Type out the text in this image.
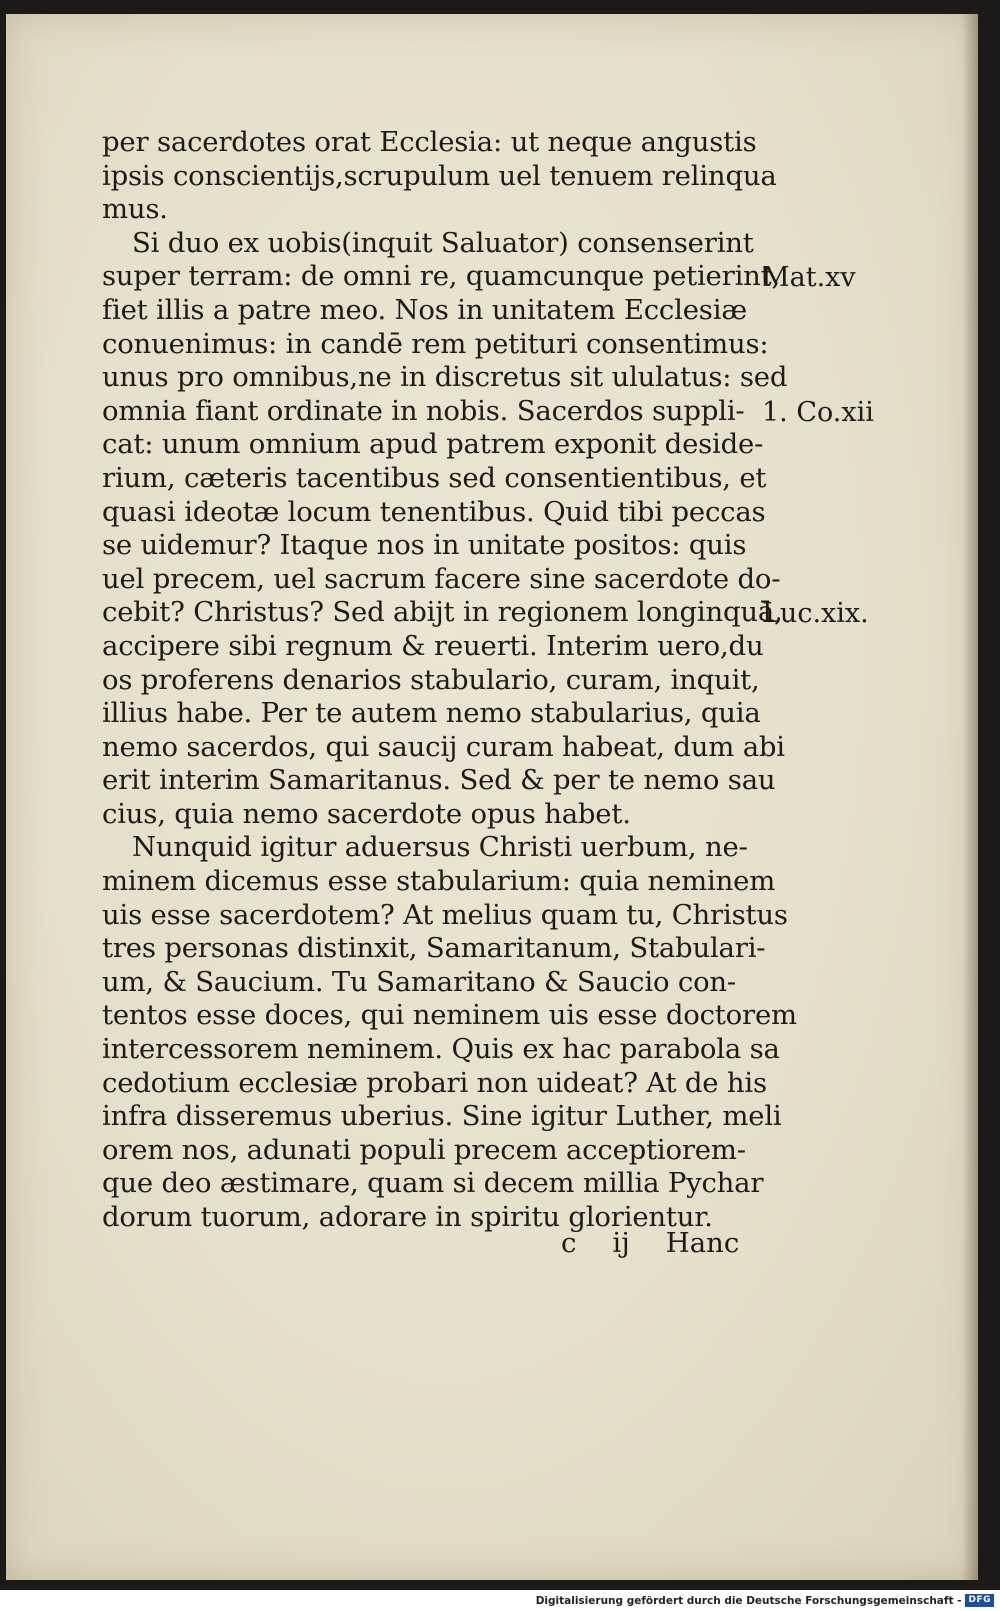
per sacerdotes orat Ecclesia: ut neque angustis
ipsis conscientijs,scrupulum uel tenuem relinqua
mus.
Si duo ex uobis(inquit Saluator) consenserint
super terram: de omni re, quamcunque petierint,
fiet illis a patre meo. Nos in unitatem Ecclesiæ
conuenimus: in candē rem petituri consentimus:
unus pro omnibus,ne in discretus sit ululatus: sed
omnia fiant ordinate in nobis. Sacerdos suppli-
cat: unum omnium apud patrem exponit deside-
rium, cæteris tacentibus sed consentientibus, et
quasi ideotæ locum tenentibus. Quid tibi peccas
se uidemur? Itaque nos in unitate positos: quis
uel precem, uel sacrum facere sine sacerdote do-
cebit? Christus? Sed abijt in regionem longinquā,
accipere sibi regnum & reuerti. Interim uero,du
os proferens denarios stabulario, curam, inquit,
illius habe. Per te autem nemo stabularius, quia
nemo sacerdos, qui saucij curam habeat, dum abi
erit interim Samaritanus. Sed & per te nemo sau
cius, quia nemo sacerdote opus habet.
Nunquid igitur aduersus Christi uerbum, ne-
minem dicemus esse stabularium: quia neminem
uis esse sacerdotem? At melius quam tu, Christus
tres personas distinxit, Samaritanum, Stabulari-
um, & Saucium. Tu Samaritano & Saucio con-
tentos esse doces, qui neminem uis esse doctorem
intercessorem neminem. Quis ex hac parabola sa
cedotium ecclesiæ probari non uideat? At de his
infra disseremus uberius. Sine igitur Luther, meli
orem nos, adunati populi precem acceptiorem-
que deo æstimare, quam si decem millia Pychar
dorum tuorum, adorare in spiritu glorientur.
Mat.xv
1. Co.xii
Luc.xix.
c ij Hanc
Digitalisierung gefördert durch die Deutsche Forschungsgemeinschaft - DFG
